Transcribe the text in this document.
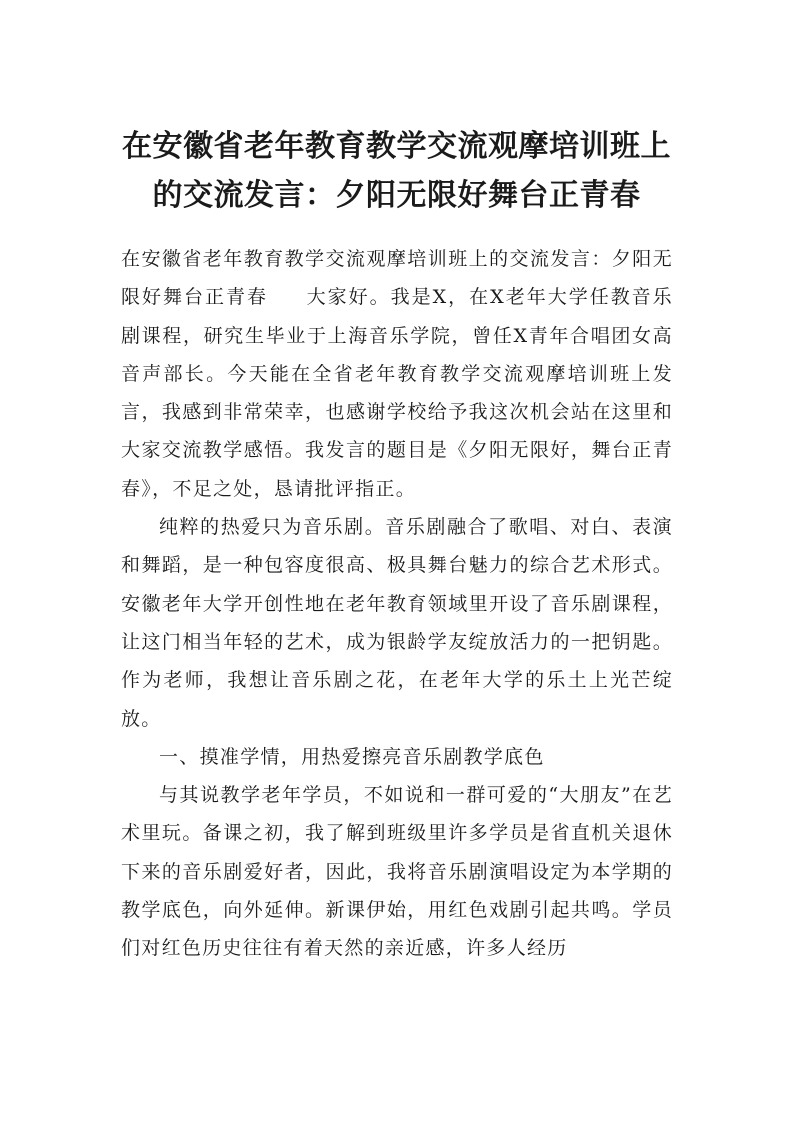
在安徽省老年教育教学交流观摩培训班上
的交流发言：夕阳无限好舞台正青春

在安徽省老年教育教学交流观摩培训班上的交流发言：夕阳无限好舞台正青春 大家好。我是X，在X老年大学任教音乐剧课程，研究生毕业于上海音乐学院，曾任X青年合唱团女高音声部长。今天能在全省老年教育教学交流观摩培训班上发言，我感到非常荣幸，也感谢学校给予我这次机会站在这里和大家交流教学感悟。我发言的题目是《夕阳无限好，舞台正青春》，不足之处，恳请批评指正。

纯粹的热爱只为音乐剧。音乐剧融合了歌唱、对白、表演和舞蹈，是一种包容度很高、极具舞台魅力的综合艺术形式。安徽老年大学开创性地在老年教育领域里开设了音乐剧课程，让这门相当年轻的艺术，成为银龄学友绽放活力的一把钥匙。作为老师，我想让音乐剧之花，在老年大学的乐土上光芒绽放。

一、摸准学情，用热爱擦亮音乐剧教学底色

与其说教学老年学员，不如说和一群可爱的“大朋友”在艺术里玩。备课之初，我了解到班级里许多学员是省直机关退休下来的音乐剧爱好者，因此，我将音乐剧演唱设定为本学期的教学底色，向外延伸。新课伊始，用红色戏剧引起共鸣。学员们对红色历史往往有着天然的亲近感，许多人经历
